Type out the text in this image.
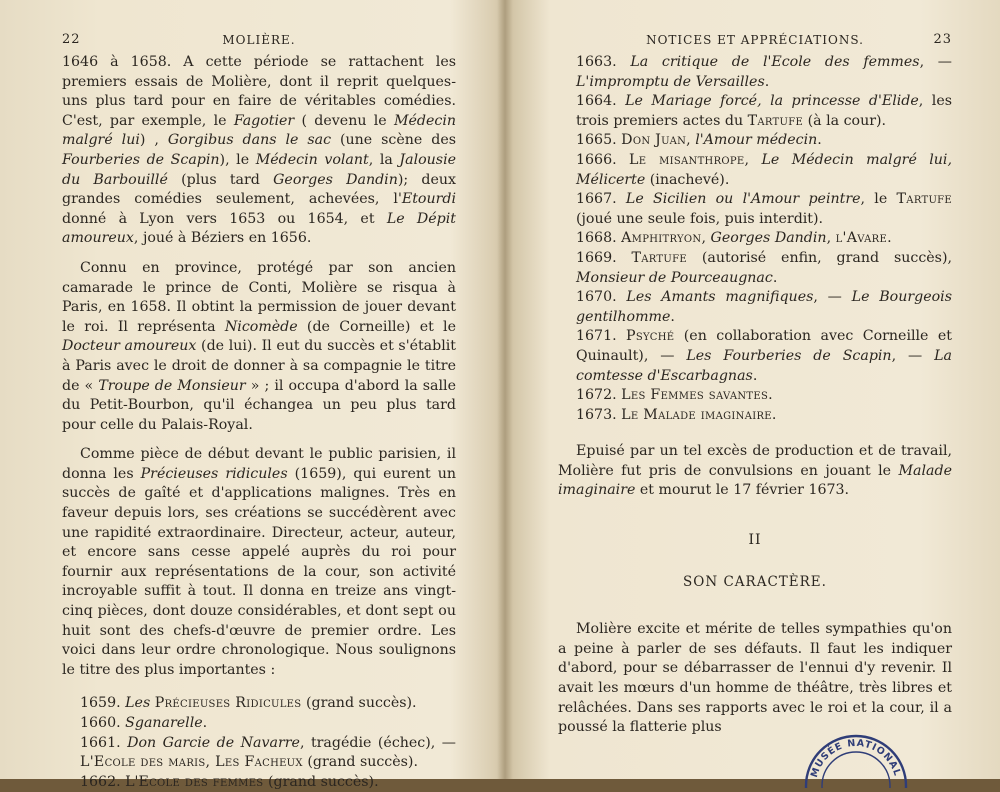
22	MOLIÈRE.
1646 à 1658. A cette période se rattachent les premiers essais de Molière, dont il reprit quelques-uns plus tard pour en faire de véritables comédies. C'est, par exemple, le Fagotier ( devenu le Médecin malgré lui) , Gorgibus dans le sac (une scène des Fourberies de Scapin), le Médecin volant, la Jalousie du Barbouillé (plus tard Georges Dandin); deux grandes comédies seulement, achevées, l'Etourdi donné à Lyon vers 1653 ou 1654, et Le Dépit amoureux, joué à Béziers en 1656.
Connu en province, protégé par son ancien camarade le prince de Conti, Molière se risqua à Paris, en 1658. Il obtint la permission de jouer devant le roi. Il représenta Nicomède (de Corneille) et le Docteur amoureux (de lui). Il eut du succès et s'établit à Paris avec le droit de donner à sa compagnie le titre de « Troupe de Monsieur » ; il occupa d'abord la salle du Petit-Bourbon, qu'il échangea un peu plus tard pour celle du Palais-Royal.
Comme pièce de début devant le public parisien, il donna les Précieuses ridicules (1659), qui eurent un succès de gaîté et d'applications malignes. Très en faveur depuis lors, ses créations se succédèrent avec une rapidité extraordinaire. Directeur, acteur, auteur, et encore sans cesse appelé auprès du roi pour fournir aux représentations de la cour, son activité incroyable suffit à tout. Il donna en treize ans vingt-cinq pièces, dont douze considérables, et dont sept ou huit sont des chefs-d'œuvre de premier ordre. Les voici dans leur ordre chronologique. Nous soulignons le titre des plus importantes :
1659. Les Précieuses Ridicules (grand succès).
1660. Sganarelle.
1661. Don Garcie de Navarre, tragédie (échec), — L'Ecole des maris, Les Facheux (grand succès).
1662. L'Ecole des femmes (grand succès).
NOTICES ET APPRÉCIATIONS.	23
1663. La critique de l'Ecole des femmes, — L'impromptu de Versailles.
1664. Le Mariage forcé, la princesse d'Elide, les trois premiers actes du Tartufe (à la cour).
1665. Don Juan, l'Amour médecin.
1666. Le misanthrope, Le Médecin malgré lui, Mélicerte (inachevé).
1667. Le Sicilien ou l'Amour peintre, le Tartufe (joué une seule fois, puis interdit).
1668. Amphitryon, Georges Dandin, l'Avare.
1669. Tartufe (autorisé enfin, grand succès), Monsieur de Pourceaugnac.
1670. Les Amants magnifiques, — Le Bourgeois gentilhomme.
1671. Psyché (en collaboration avec Corneille et Quinault), — Les Fourberies de Scapin, — La comtesse d'Escarbagnas.
1672. Les Femmes savantes.
1673. Le Malade imaginaire.
Epuisé par un tel excès de production et de travail, Molière fut pris de convulsions en jouant le Malade imaginaire et mourut le 17 février 1673.
II
SON CARACTÈRE.
Molière excite et mérite de telles sympathies qu'on a peine à parler de ses défauts. Il faut les indiquer d'abord, pour se débarrasser de l'ennui d'y revenir. Il avait les mœurs d'un homme de théâtre, très libres et relâchées. Dans ses rapports avec le roi et la cour, il a poussé la flatterie plus
MUSÉE NATIONAL
